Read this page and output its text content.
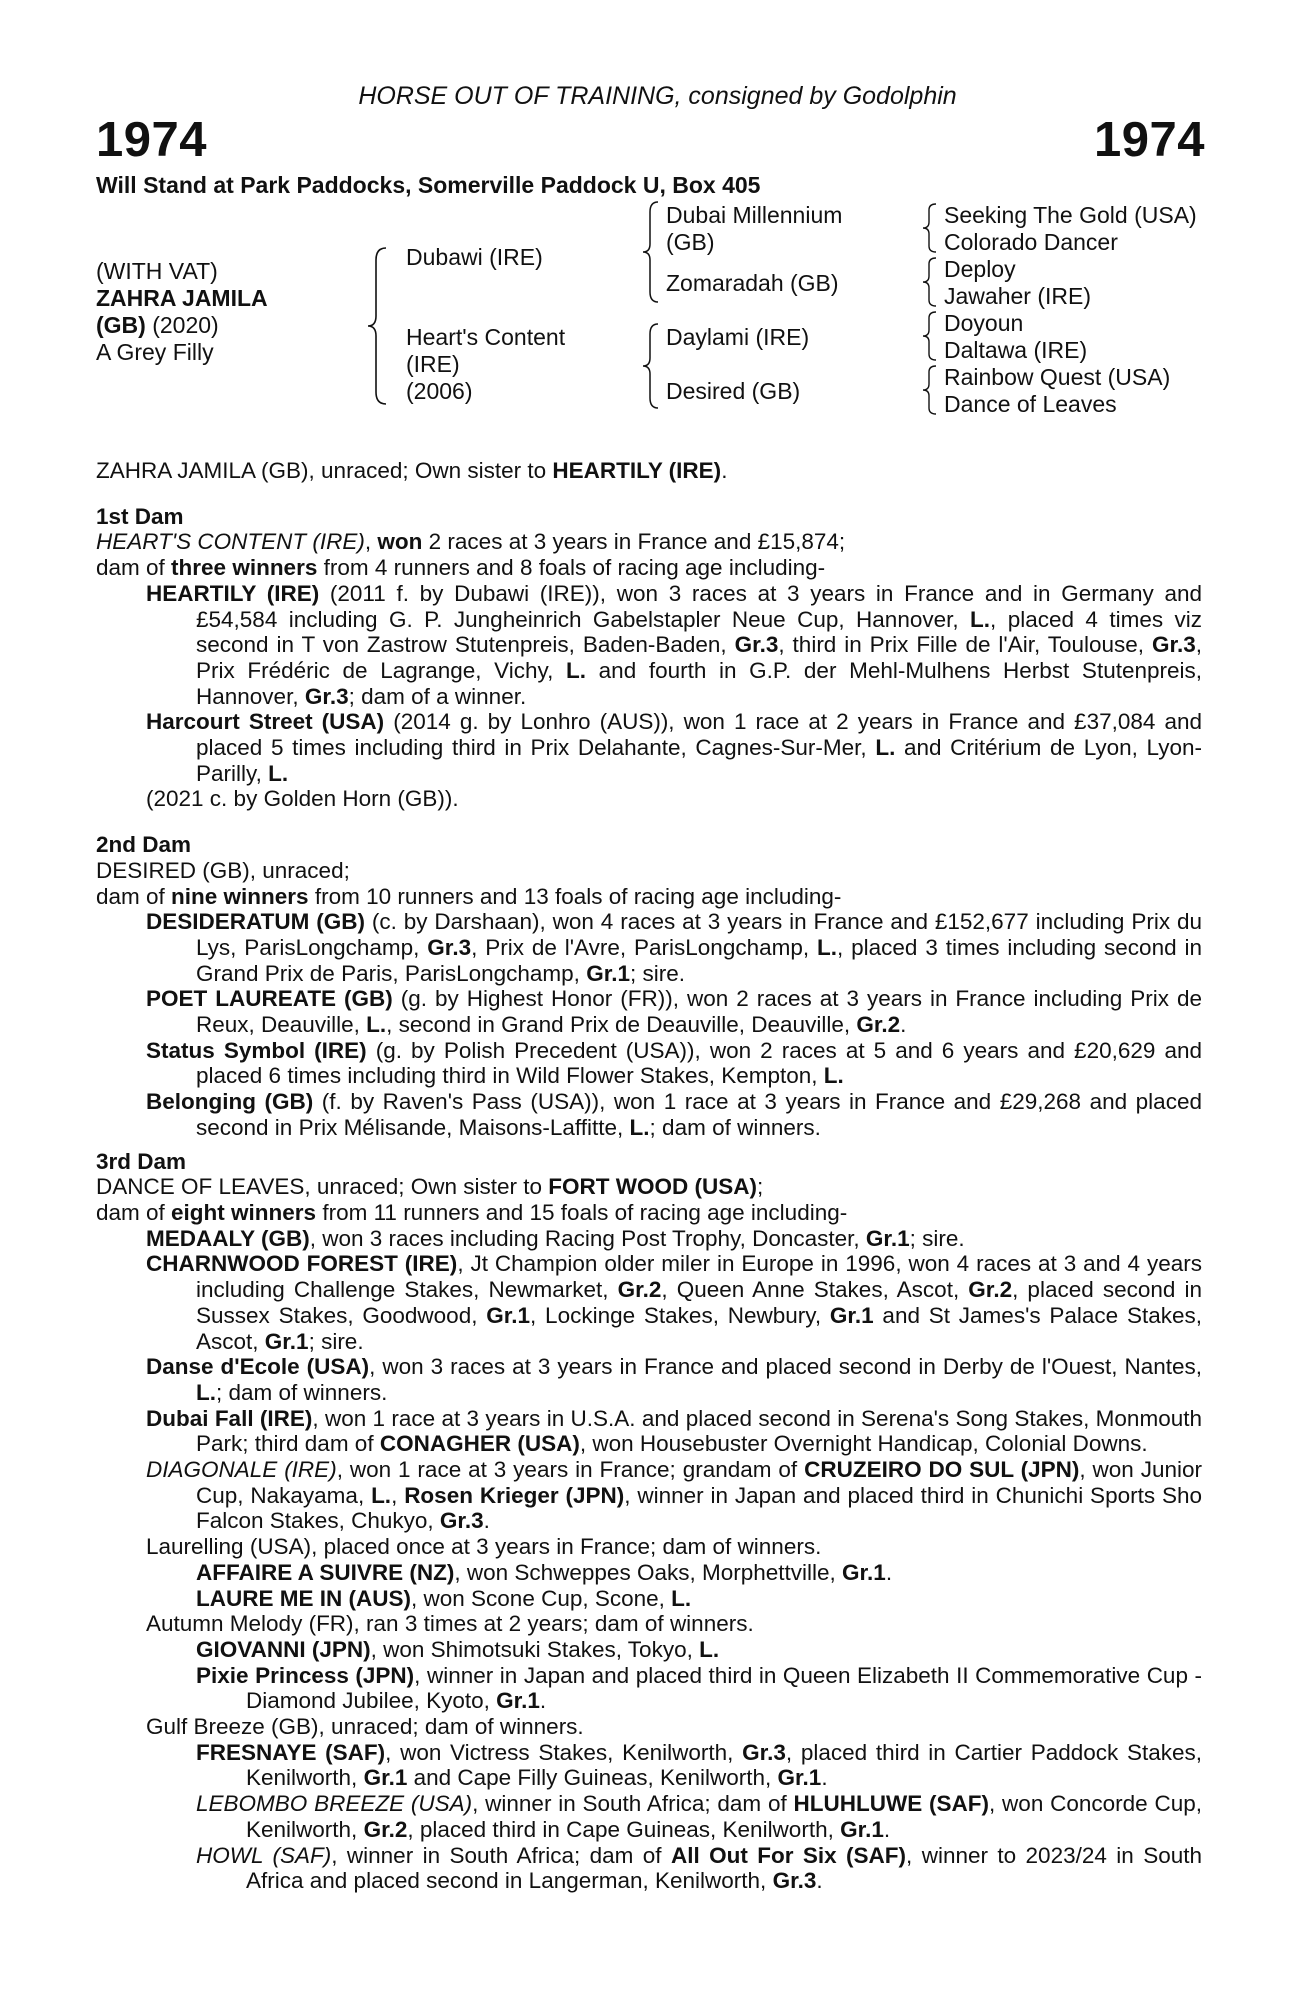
HORSE OUT OF TRAINING, consigned by Godolphin
1974	1974
Will Stand at Park Paddocks, Somerville Paddock U, Box 405
(WITH VAT)
ZAHRA JAMILA
(GB) (2020)
A Grey Filly
Dubawi (IRE)
Heart's Content
(IRE)
(2006)
Dubai Millennium
(GB)
Zomaradah (GB)
Daylami (IRE)
Desired (GB)
Seeking The Gold (USA)
Colorado Dancer
Deploy
Jawaher (IRE)
Doyoun
Daltawa (IRE)
Rainbow Quest (USA)
Dance of Leaves

ZAHRA JAMILA (GB), unraced; Own sister to HEARTILY (IRE).

1st Dam

HEART'S CONTENT (IRE), won 2 races at 3 years in France and £15,874;

dam of three winners from 4 runners and 8 foals of racing age including-

HEARTILY (IRE) (2011 f. by Dubawi (IRE)), won 3 races at 3 years in France and in Germany and £54,584 including G. P. Jungheinrich Gabelstapler Neue Cup, Hannover, L., placed 4 times viz second in T von Zastrow Stutenpreis, Baden-Baden, Gr.3, third in Prix Fille de l'Air, Toulouse, Gr.3, Prix Frédéric de Lagrange, Vichy, L. and fourth in G.P. der Mehl-Mulhens Herbst Stutenpreis, Hannover, Gr.3; dam of a winner.

Harcourt Street (USA) (2014 g. by Lonhro (AUS)), won 1 race at 2 years in France and £37,084 and placed 5 times including third in Prix Delahante, Cagnes-Sur-Mer, L. and Critérium de Lyon, Lyon-Parilly, L.

(2021 c. by Golden Horn (GB)).

2nd Dam

DESIRED (GB), unraced;

dam of nine winners from 10 runners and 13 foals of racing age including-

DESIDERATUM (GB) (c. by Darshaan), won 4 races at 3 years in France and £152,677 including Prix du Lys, ParisLongchamp, Gr.3, Prix de l'Avre, ParisLongchamp, L., placed 3 times including second in Grand Prix de Paris, ParisLongchamp, Gr.1; sire.

POET LAUREATE (GB) (g. by Highest Honor (FR)), won 2 races at 3 years in France including Prix de Reux, Deauville, L., second in Grand Prix de Deauville, Deauville, Gr.2.

Status Symbol (IRE) (g. by Polish Precedent (USA)), won 2 races at 5 and 6 years and £20,629 and placed 6 times including third in Wild Flower Stakes, Kempton, L.

Belonging (GB) (f. by Raven's Pass (USA)), won 1 race at 3 years in France and £29,268 and placed second in Prix Mélisande, Maisons-Laffitte, L.; dam of winners.

3rd Dam

DANCE OF LEAVES, unraced; Own sister to FORT WOOD (USA);

dam of eight winners from 11 runners and 15 foals of racing age including-

MEDAALY (GB), won 3 races including Racing Post Trophy, Doncaster, Gr.1; sire.

CHARNWOOD FOREST (IRE), Jt Champion older miler in Europe in 1996, won 4 races at 3 and 4 years including Challenge Stakes, Newmarket, Gr.2, Queen Anne Stakes, Ascot, Gr.2, placed second in Sussex Stakes, Goodwood, Gr.1, Lockinge Stakes, Newbury, Gr.1 and St James's Palace Stakes, Ascot, Gr.1; sire.

Danse d'Ecole (USA), won 3 races at 3 years in France and placed second in Derby de l'Ouest, Nantes, L.; dam of winners.

Dubai Fall (IRE), won 1 race at 3 years in U.S.A. and placed second in Serena's Song Stakes, Monmouth Park; third dam of CONAGHER (USA), won Housebuster Overnight Handicap, Colonial Downs.

DIAGONALE (IRE), won 1 race at 3 years in France; grandam of CRUZEIRO DO SUL (JPN), won Junior Cup, Nakayama, L., Rosen Krieger (JPN), winner in Japan and placed third in Chunichi Sports Sho Falcon Stakes, Chukyo, Gr.3.

Laurelling (USA), placed once at 3 years in France; dam of winners.

AFFAIRE A SUIVRE (NZ), won Schweppes Oaks, Morphettville, Gr.1.

LAURE ME IN (AUS), won Scone Cup, Scone, L.

Autumn Melody (FR), ran 3 times at 2 years; dam of winners.

GIOVANNI (JPN), won Shimotsuki Stakes, Tokyo, L.

Pixie Princess (JPN), winner in Japan and placed third in Queen Elizabeth II Commemorative Cup - Diamond Jubilee, Kyoto, Gr.1.

Gulf Breeze (GB), unraced; dam of winners.

FRESNAYE (SAF), won Victress Stakes, Kenilworth, Gr.3, placed third in Cartier Paddock Stakes, Kenilworth, Gr.1 and Cape Filly Guineas, Kenilworth, Gr.1.

LEBOMBO BREEZE (USA), winner in South Africa; dam of HLUHLUWE (SAF), won Concorde Cup, Kenilworth, Gr.2, placed third in Cape Guineas, Kenilworth, Gr.1.

HOWL (SAF), winner in South Africa; dam of All Out For Six (SAF), winner to 2023/24 in South Africa and placed second in Langerman, Kenilworth, Gr.3.
